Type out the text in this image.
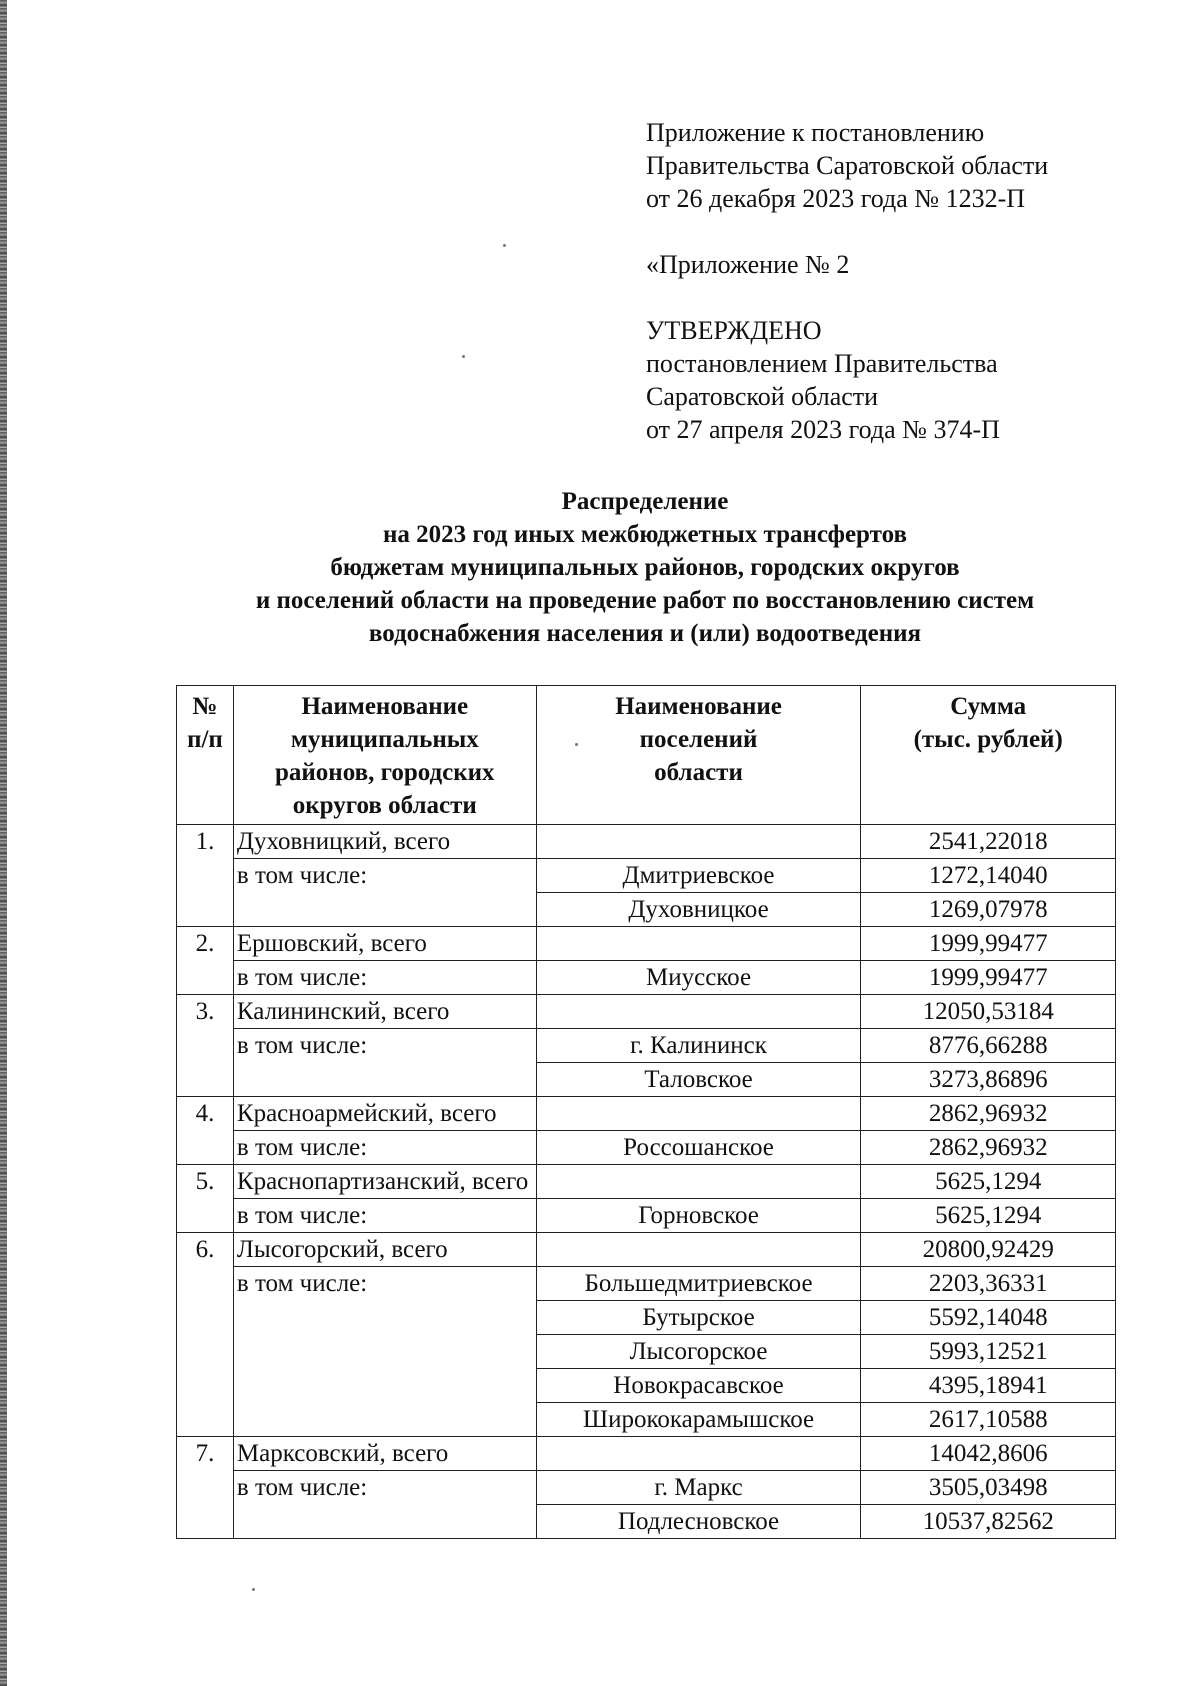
Приложение к постановлению
Правительства Саратовской области
от 26 декабря 2023 года № 1232-П
«Приложение № 2
УТВЕРЖДЕНО
постановлением Правительства
Саратовской области
от 27 апреля 2023 года № 374-П
Распределение
на 2023 год иных межбюджетных трансфертов
бюджетам муниципальных районов, городских округов
и поселений области на проведение работ по восстановлению систем
водоснабжения населения и (или) водоотведения
№
п/п	Наименование
муниципальных
районов, городских
округов области	Наименование
поселений
области	Сумма
(тыс. рублей)
1.	Духовницкий, всего		2541,22018
	в том числе:	Дмитриевское	1272,14040
		Духовницкое	1269,07978
2.	Ершовский, всего		1999,99477
	в том числе:	Миусское	1999,99477
3.	Калининский, всего		12050,53184
	в том числе:	г. Калининск	8776,66288
		Таловское	3273,86896
4.	Красноармейский, всего		2862,96932
	в том числе:	Россошанское	2862,96932
5.	Краснопартизанский, всего		5625,1294
	в том числе:	Горновское	5625,1294
6.	Лысогорский, всего		20800,92429
	в том числе:	Большедмитриевское	2203,36331
		Бутырское	5592,14048
		Лысогорское	5993,12521
		Новокрасавское	4395,18941
		Ширококарамышское	2617,10588
7.	Марксовский, всего		14042,8606
	в том числе:	г. Маркс	3505,03498
		Подлесновское	10537,82562
